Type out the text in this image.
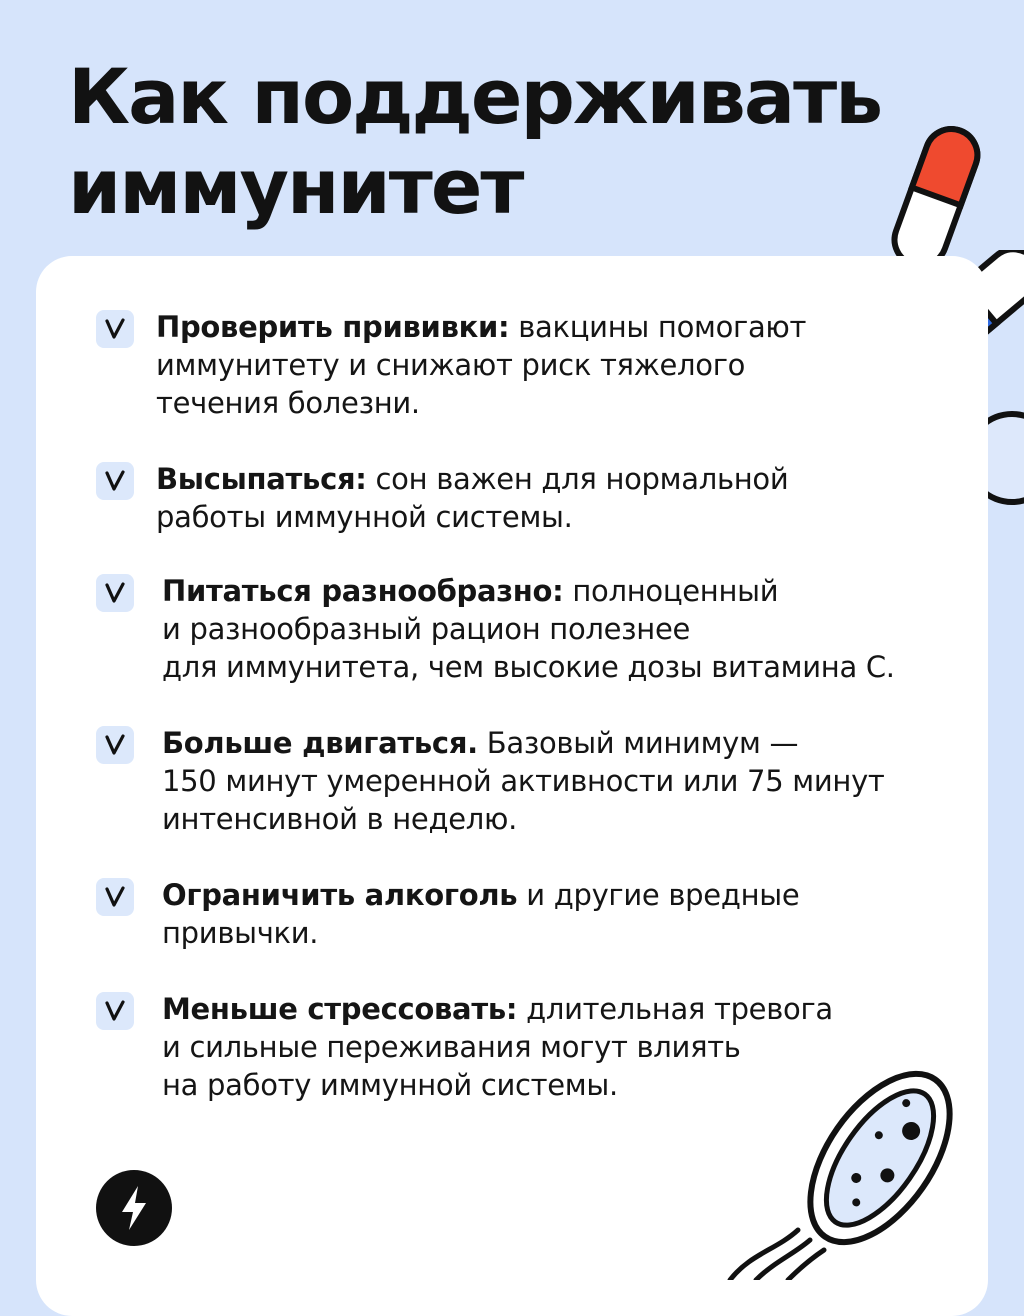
Как поддерживать
иммунитет
Проверить прививки: вакцины помогают
иммунитету и снижают риск тяжелого
течения болезни.
Высыпаться: сон важен для нормальной
работы иммунной системы.
Питаться разнообразно: полноценный
и разнообразный рацион полезнее
для иммунитета, чем высокие дозы витамина С.
Больше двигаться. Базовый минимум —
150 минут умеренной активности или 75 минут
интенсивной в неделю.
Ограничить алкоголь и другие вредные
привычки.
Меньше стрессовать: длительная тревога
и сильные переживания могут влиять
на работу иммунной системы.
